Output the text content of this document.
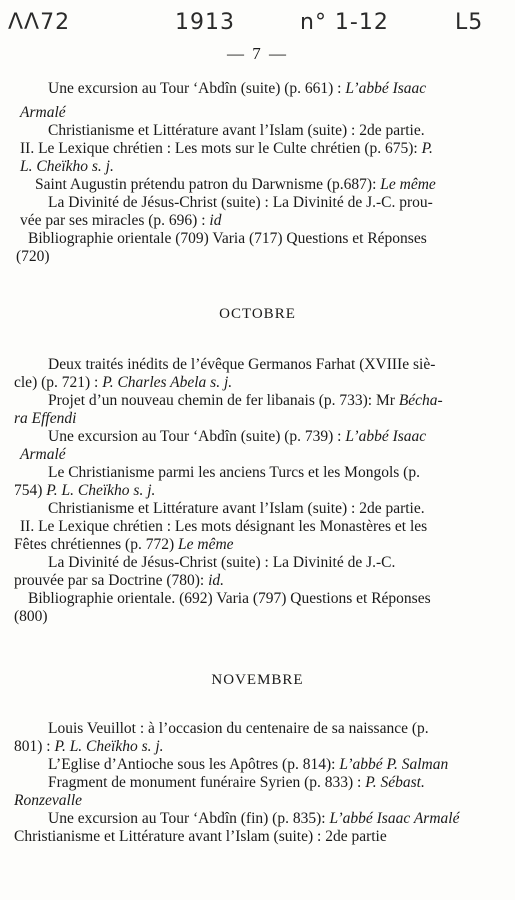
ΛΛ72	1913	n° 1-12	L5
— 7 —
Une excursion au Tour ‘Abdîn (suite) (p. 661) : L’abbé Isaac
Armalé
Christianisme et Littérature avant l’Islam (suite) : 2de partie.
II. Le Lexique chrétien : Les mots sur le Culte chrétien (p. 675): P.
L. Cheïkho s. j.
Saint Augustin prétendu patron du Darwnisme (p.687): Le même
La Divinité de Jésus-Christ (suite) : La Divinité de J.-C. prou-
vée par ses miracles (p. 696) : id
Bibliographie orientale (709) Varia (717) Questions et Réponses
(720)
OCTOBRE
Deux traités inédits de l’évêque Germanos Farhat (XVIIIe siè-
cle) (p. 721) : P. Charles Abela s. j.
Projet d’un nouveau chemin de fer libanais (p. 733): Mr Bécha-
ra Effendi
Une excursion au Tour ‘Abdîn (suite) (p. 739) : L’abbé Isaac
Armalé
Le Christianisme parmi les anciens Turcs et les Mongols (p.
754) P. L. Cheïkho s. j.
Christianisme et Littérature avant l’Islam (suite) : 2de partie.
II. Le Lexique chrétien : Les mots désignant les Monastères et les
Fêtes chrétiennes (p. 772) Le même
La Divinité de Jésus-Christ (suite) : La Divinité de J.-C.
prouvée par sa Doctrine (780): id.
Bibliographie orientale. (692) Varia (797) Questions et Réponses
(800)
NOVEMBRE
Louis Veuillot : à l’occasion du centenaire de sa naissance (p.
801) : P. L. Cheïkho s. j.
L’Eglise d’Antioche sous les Apôtres (p. 814): L’abbé P. Salman
Fragment de monument funéraire Syrien (p. 833) : P. Sébast.
Ronzevalle
Une excursion au Tour ‘Abdîn (fin) (p. 835): L’abbé Isaac Armalé
Christianisme et Littérature avant l’Islam (suite) : 2de partie
